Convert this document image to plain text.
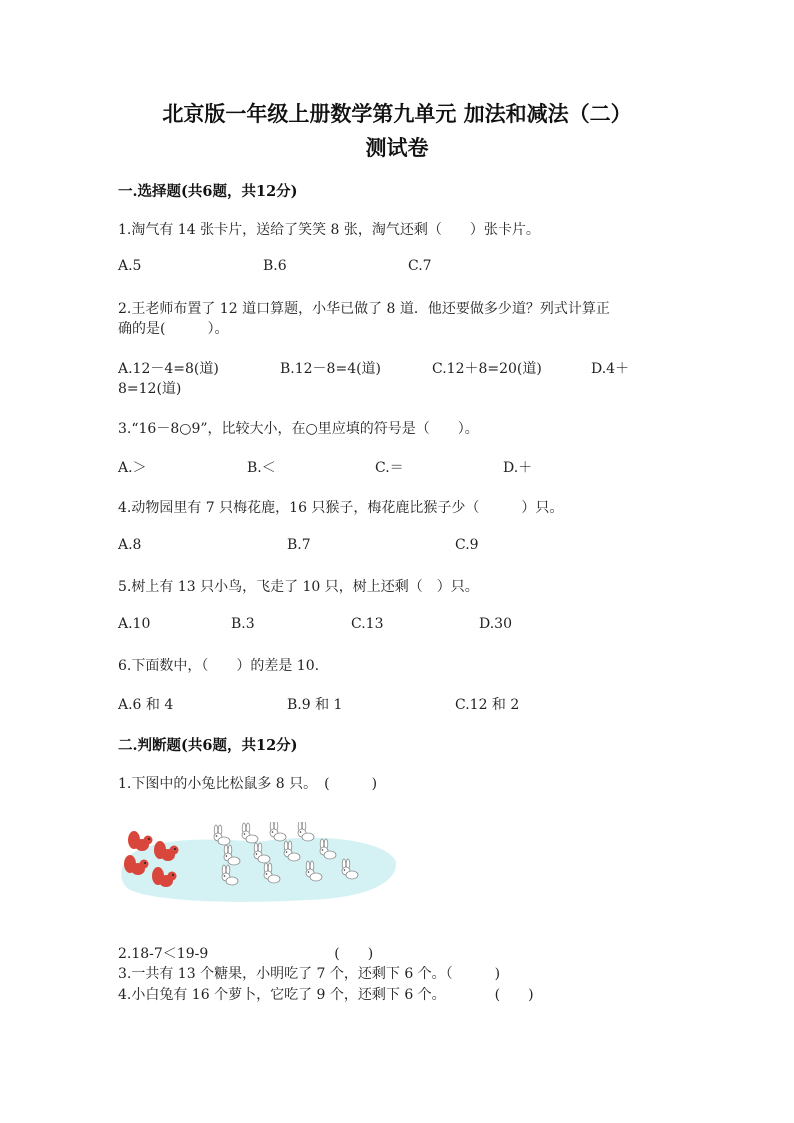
北京版一年级上册数学第九单元 加法和减法（二）
测试卷
一.选择题(共6题，共12分)
1.淘气有 14 张卡片，送给了笑笑 8 张，淘气还剩（　　）张卡片。
A.5	B.6	C.7
2.王老师布置了 12 道口算题，小华已做了 8 道．他还要做多少道？列式计算正
确的是(　　　）。
A.12－4=8(道)	B.12－8=4(道)	C.12＋8=20(道)	D.4＋
8=12(道)
3.“16－8○9”，比较大小，在○里应填的符号是（　　）。
A.＞	B.＜	C.＝	D.＋
4.动物园里有 7 只梅花鹿，16 只猴子，梅花鹿比猴子少（　　　）只。
A.8	B.7	C.9
5.树上有 13 只小鸟，飞走了 10 只，树上还剩（　）只。
A.10	B.3	C.13	D.30
6.下面数中，（　　）的差是 10.
A.6 和 4	B.9 和 1	C.12 和 2
二.判断题(共6题，共12分)
1.下图中的小兔比松鼠多 8 只。　(　　　)
2.18-7＜19-9　　　　　　　　　(　　)
3.一共有 13 个糖果，小明吃了 7 个，还剩下 6 个。（　　　)
4.小白兔有 16 个萝卜，它吃了 9 个，还剩下 6 个。　　　　(　　)
